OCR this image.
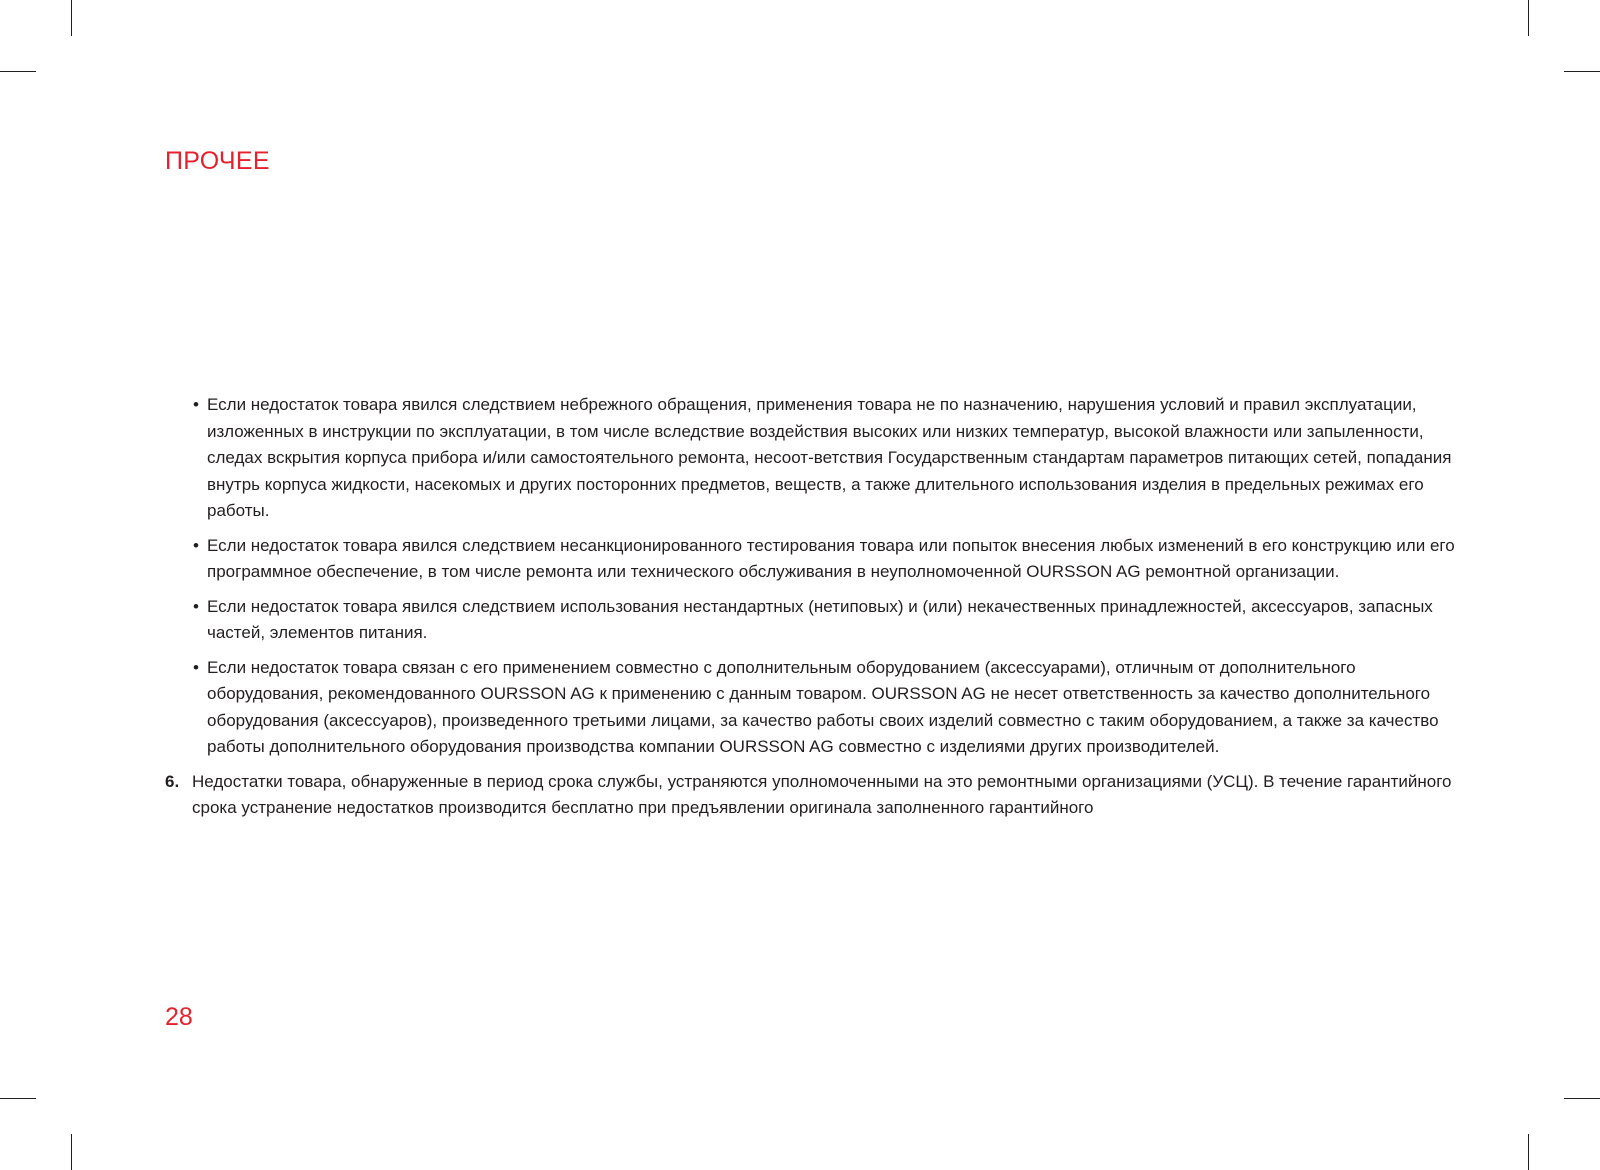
ПРОЧЕЕ
• Если недостаток товара явился следствием небрежного обращения, применения товара не по назначению, нарушения условий и правил эксплуатации, изложенных в инструкции по эксплуатации, в том числе вследствие воздействия высоких или низких температур, высокой влажности или запыленности, следах вскрытия корпуса прибора и/или самостоятельного ремонта, несоот-ветствия Государственным стандартам параметров питающих сетей, попадания внутрь корпуса жидкости, насекомых и других посторонних предметов, веществ, а также длительного использования изделия в предельных режимах его работы.
• Если недостаток товара явился следствием несанкционированного тестирования товара или попыток внесения любых изменений в его конструкцию или его программное обеспечение, в том числе ремонта или технического обслуживания в неуполномоченной OURSSON AG ремонтной организации.
• Если недостаток товара явился следствием использования нестандартных (нетиповых) и (или) некачественных принадлежностей, аксессуаров, запасных частей, элементов питания.
• Если недостаток товара связан с его применением совместно с дополнительным оборудованием (аксессуарами), отличным от дополнительного оборудования, рекомендованного OURSSON AG к применению с данным товаром. OURSSON AG не несет ответственность за качество дополнительного оборудования (аксессуаров), произведенного третьими лицами, за качество работы своих изделий совместно с таким оборудованием, а также за качество работы дополнительного оборудования производства компании OURSSON AG совместно с изделиями других производителей.
6. Недостатки товара, обнаруженные в период срока службы, устраняются уполномоченными на это ремонтными организациями (УСЦ). В течение гарантийного срока устранение недостатков производится бесплатно при предъявлении оригинала заполненного гарантийного
28
